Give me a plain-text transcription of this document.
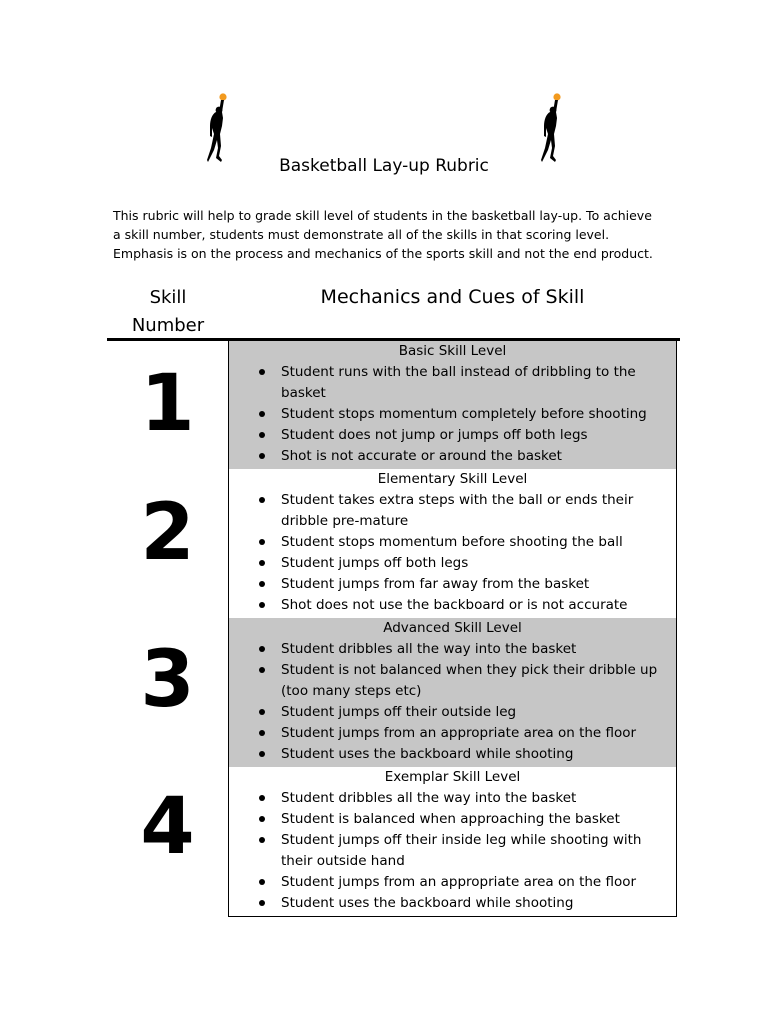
Basketball Lay-up Rubric
This rubric will help to grade skill level of students in the basketball lay-up. To achieve a skill number, students must demonstrate all of the skills in that scoring level. Emphasis is on the process and mechanics of the sports skill and not the end product.
Skill
Number
Mechanics and Cues of Skill
Basic Skill Level
Student runs with the ball instead of dribbling to the basket
Student stops momentum completely before shooting
Student does not jump or jumps off both legs
Shot is not accurate or around the basket
Elementary Skill Level
Student takes extra steps with the ball or ends their dribble pre-mature
Student stops momentum before shooting the ball
Student jumps off both legs
Student jumps from far away from the basket
Shot does not use the backboard or is not accurate
Advanced Skill Level
Student dribbles all the way into the basket
Student is not balanced when they pick their dribble up (too many steps etc)
Student jumps off their outside leg
Student jumps from an appropriate area on the floor
Student uses the backboard while shooting
Exemplar Skill Level
Student dribbles all the way into the basket
Student is balanced when approaching the basket
Student jumps off their inside leg while shooting with their outside hand
Student jumps from an appropriate area on the floor
Student uses the backboard while shooting
1
2
3
4
